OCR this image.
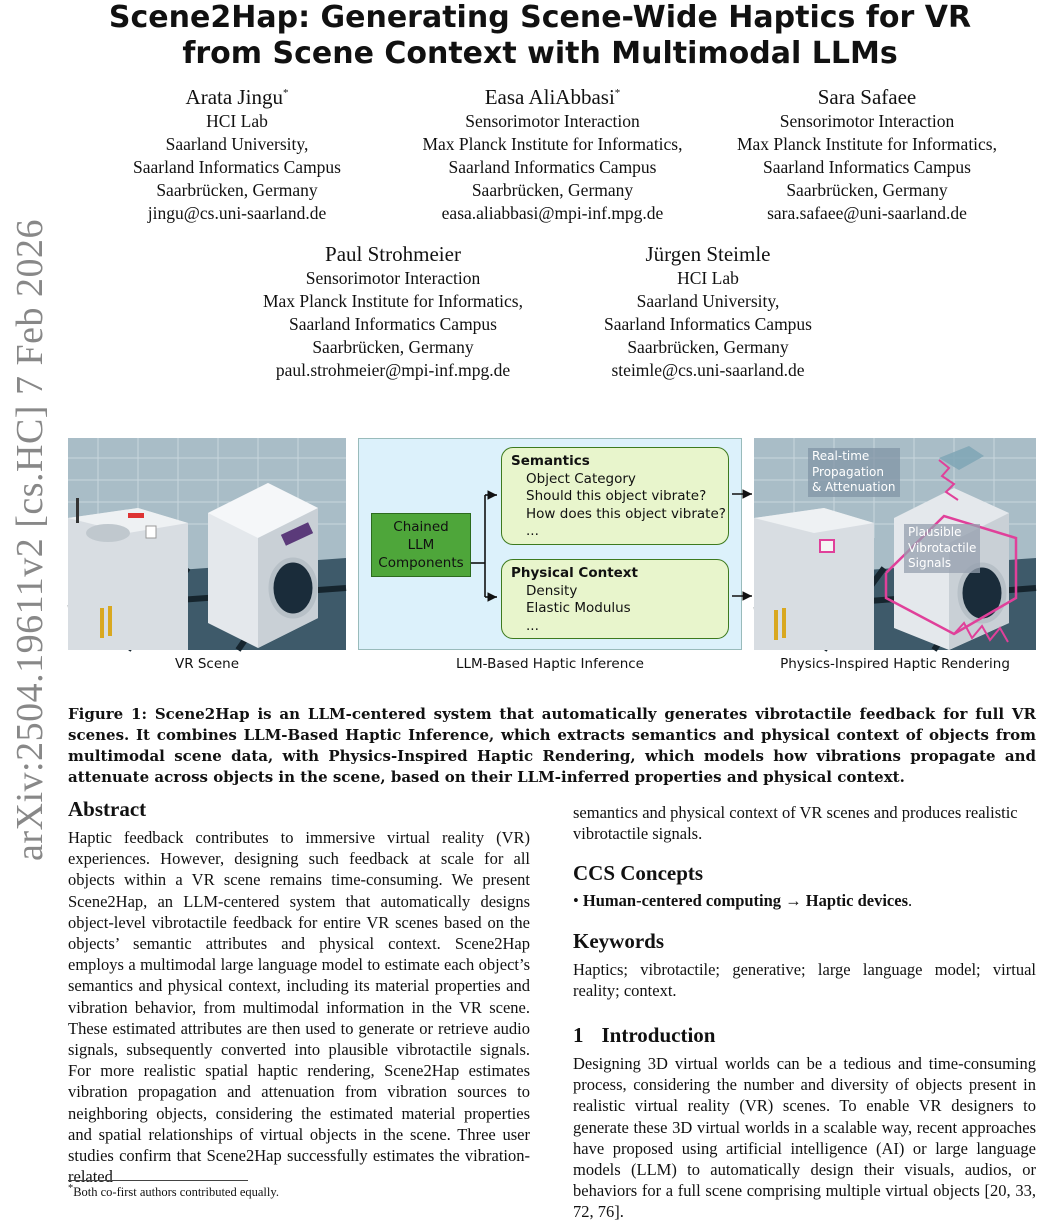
arXiv:2504.19611v2 [cs.HC] 7 Feb 2026
Scene2Hap: Generating Scene-Wide Haptics for VR
from Scene Context with Multimodal LLMs
Arata Jingu*
HCI Lab
Saarland University,
Saarland Informatics Campus
Saarbrücken, Germany
jingu@cs.uni-saarland.de
Easa AliAbbasi*
Sensorimotor Interaction
Max Planck Institute for Informatics,
Saarland Informatics Campus
Saarbrücken, Germany
easa.aliabbasi@mpi-inf.mpg.de
Sara Safaee
Sensorimotor Interaction
Max Planck Institute for Informatics,
Saarland Informatics Campus
Saarbrücken, Germany
sara.safaee@uni-saarland.de
Paul Strohmeier
Sensorimotor Interaction
Max Planck Institute for Informatics,
Saarland Informatics Campus
Saarbrücken, Germany
paul.strohmeier@mpi-inf.mpg.de
Jürgen Steimle
HCI Lab
Saarland University,
Saarland Informatics Campus
Saarbrücken, Germany
steimle@cs.uni-saarland.de
VR Scene
Chained
LLM
Components
Semantics
Object Category
Should this object vibrate?
How does this object vibrate?
...
Physical Context
Density
Elastic Modulus
...
LLM-Based Haptic Inference
Real-time
Propagation
& Attenuation
Plausible
Vibrotactile
Signals
Physics-Inspired Haptic Rendering
Figure 1: Scene2Hap is an LLM-centered system that automatically generates vibrotactile feedback for full VR scenes. It combines LLM-Based Haptic Inference, which extracts semantics and physical context of objects from multimodal scene data, with Physics-Inspired Haptic Rendering, which models how vibrations propagate and attenuate across objects in the scene, based on their LLM-inferred properties and physical context.
Abstract
Haptic feedback contributes to immersive virtual reality (VR) experiences. However, designing such feedback at scale for all objects within a VR scene remains time-consuming. We present Scene2Hap, an LLM-centered system that automatically designs object-level vibrotactile feedback for entire VR scenes based on the objects’ semantic attributes and physical context. Scene2Hap employs a multimodal large language model to estimate each object’s semantics and physical context, including its material properties and vibration behavior, from multimodal information in the VR scene. These estimated attributes are then used to generate or retrieve audio signals, subsequently converted into plausible vibrotactile signals. For more realistic spatial haptic rendering, Scene2Hap estimates vibration propagation and attenuation from vibration sources to neighboring objects, considering the estimated material properties and spatial relationships of virtual objects in the scene. Three user studies confirm that Scene2Hap successfully estimates the vibration-related
semantics and physical context of VR scenes and produces realistic vibrotactile signals.
CCS Concepts
• Human-centered computing → Haptic devices.
Keywords
Haptics; vibrotactile; generative; large language model; virtual reality; context.
1 Introduction
Designing 3D virtual worlds can be a tedious and time-consuming process, considering the number and diversity of objects present in realistic virtual reality (VR) scenes. To enable VR designers to generate these 3D virtual worlds in a scalable way, recent approaches have proposed using artificial intelligence (AI) or large language models (LLM) to automatically design their visuals, audios, or behaviors for a full scene comprising multiple virtual objects [20, 33, 72, 76].
*Both co-first authors contributed equally.
